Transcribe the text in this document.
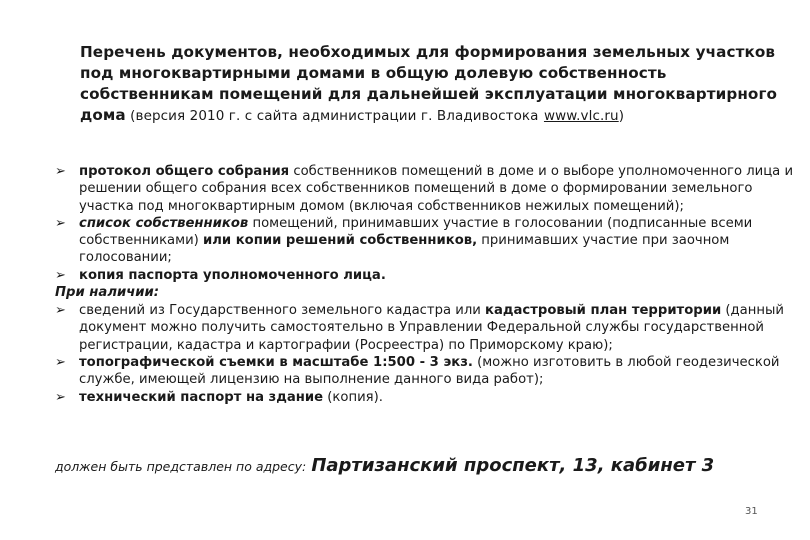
Перечень документов, необходимых для формирования земельных участков под многоквартирными домами в общую долевую собственность собственникам помещений для дальнейшей эксплуатации многоквартирного дома (версия 2010 г. с сайта администрации г. Владивостока www.vlc.ru)
➢ протокол общего собрания собственников помещений в доме и о выборе уполномоченного лица и решении общего собрания всех собственников помещений в доме о формировании земельного участка под многоквартирным домом (включая собственников нежилых помещений);
➢ список собственников помещений, принимавших участие в голосовании (подписанные всеми собственниками) или копии решений собственников, принимавших участие при заочном голосовании;
➢ копия паспорта уполномоченного лица.
При наличии:
➢ сведений из Государственного земельного кадастра или кадастровый план территории (данный документ можно получить самостоятельно в Управлении Федеральной службы государственной регистрации, кадастра и картографии (Росреестра) по Приморскому краю);
➢ топографической съемки в масштабе 1:500 - 3 экз. (можно изготовить в любой геодезической службе, имеющей лицензию на выполнение данного вида работ);
➢ технический паспорт на здание (копия).
должен быть представлен по адресу: Партизанский проспект, 13, кабинет 3
31
